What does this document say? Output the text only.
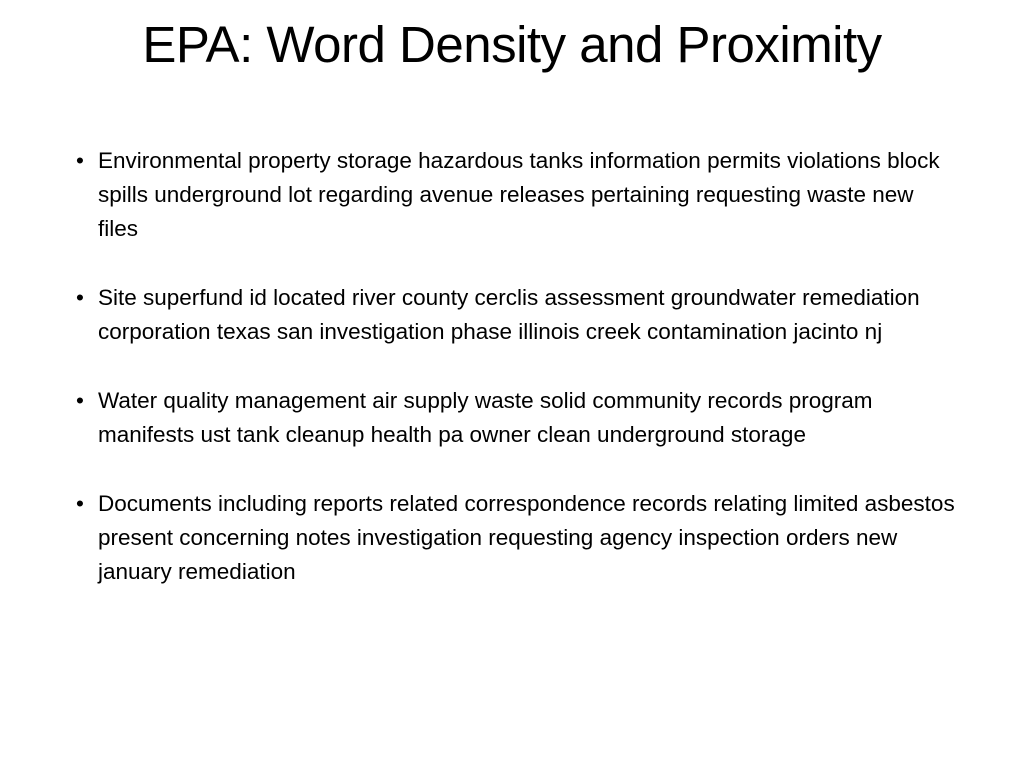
EPA: Word Density and Proximity
• Environmental property storage hazardous tanks information permits violations block spills underground lot regarding avenue releases pertaining requesting waste new files
• Site superfund id located river county cerclis assessment groundwater remediation corporation texas san investigation phase illinois creek contamination jacinto nj
• Water quality management air supply waste solid community records program manifests ust tank cleanup health pa owner clean underground storage
• Documents including reports related correspondence records relating limited asbestos present concerning notes investigation requesting agency inspection orders new january remediation
